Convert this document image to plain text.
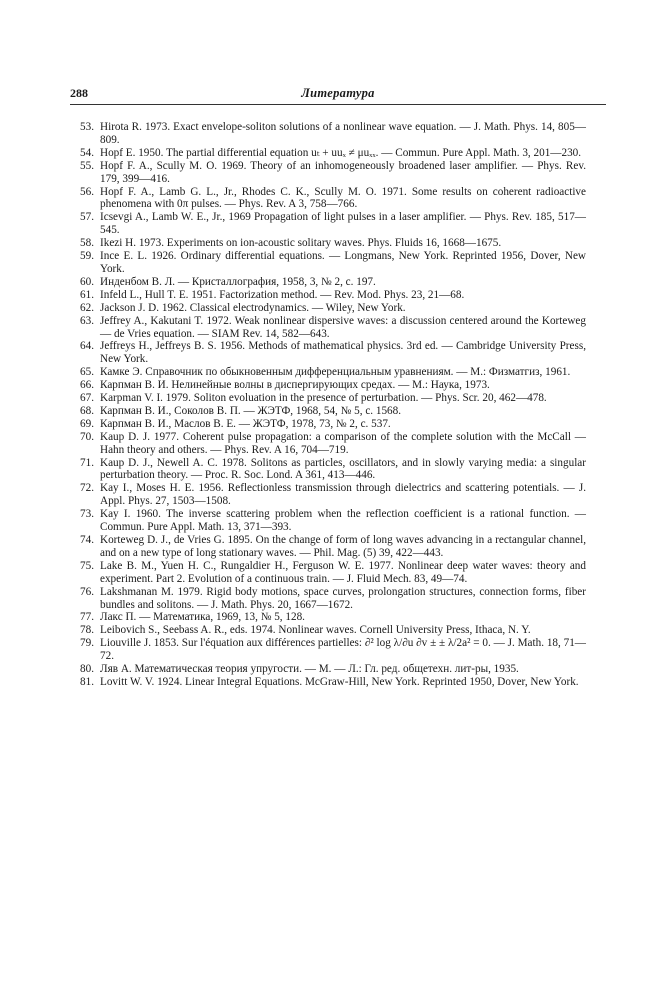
288	Литература
53. Hirota R. 1973. Exact envelope-soliton solutions of a nonlinear wave equation. — J. Math. Phys. 14, 805—809.
54. Hopf E. 1950. The partial differential equation uₜ + uuₓ ≠ μuₓₓ. — Commun. Pure Appl. Math. 3, 201—230.
55. Hopf F. A., Scully M. O. 1969. Theory of an inhomogeneously broadened laser amplifier. — Phys. Rev. 179, 399—416.
56. Hopf F. A., Lamb G. L., Jr., Rhodes C. K., Scully M. O. 1971. Some results on coherent radioactive phenomena with 0π pulses. — Phys. Rev. A 3, 758—766.
57. Icsevgi A., Lamb W. E., Jr., 1969 Propagation of light pulses in a laser amplifier. — Phys. Rev. 185, 517—545.
58. Ikezi H. 1973. Experiments on ion-acoustic solitary waves. Phys. Fluids 16, 1668—1675.
59. Ince E. L. 1926. Ordinary differential equations. — Longmans, New York. Reprinted 1956, Dover, New York.
60. Инденбом В. Л. — Кристаллография, 1958, 3, № 2, с. 197.
61. Infeld L., Hull T. E. 1951. Factorization method. — Rev. Mod. Phys. 23, 21—68.
62. Jackson J. D. 1962. Classical electrodynamics. — Wiley, New York.
63. Jeffrey A., Kakutani T. 1972. Weak nonlinear dispersive waves: a discussion centered around the Korteweg — de Vries equation. — SIAM Rev. 14, 582—643.
64. Jeffreys H., Jeffreys B. S. 1956. Methods of mathematical physics. 3rd ed. — Cambridge University Press, New York.
65. Камке Э. Справочник по обыкновенным дифференциальным уравнениям. — М.: Физматгиз, 1961.
66. Карпман В. И. Нелинейные волны в диспергирующих средах. — М.: Наука, 1973.
67. Karpman V. I. 1979. Soliton evoluation in the presence of perturbation. — Phys. Scr. 20, 462—478.
68. Карпман В. И., Соколов В. П. — ЖЭТФ, 1968, 54, № 5, с. 1568.
69. Карпман В. И., Маслов В. Е. — ЖЭТФ, 1978, 73, № 2, с. 537.
70. Kaup D. J. 1977. Coherent pulse propagation: a comparison of the complete solution with the McCall — Hahn theory and others. — Phys. Rev. A 16, 704—719.
71. Kaup D. J., Newell A. C. 1978. Solitons as particles, oscillators, and in slowly varying media: a singular perturbation theory. — Proc. R. Soc. Lond. A 361, 413—446.
72. Kay I., Moses H. E. 1956. Reflectionless transmission through dielectrics and scattering potentials. — J. Appl. Phys. 27, 1503—1508.
73. Kay I. 1960. The inverse scattering problem when the reflection coefficient is a rational function. — Commun. Pure Appl. Math. 13, 371—393.
74. Korteweg D. J., de Vries G. 1895. On the change of form of long waves advancing in a rectangular channel, and on a new type of long stationary waves. — Phil. Mag. (5) 39, 422—443.
75. Lake B. M., Yuen H. C., Rungaldier H., Ferguson W. E. 1977. Nonlinear deep water waves: theory and experiment. Part 2. Evolution of a continuous train. — J. Fluid Mech. 83, 49—74.
76. Lakshmanan M. 1979. Rigid body motions, space curves, prolongation structures, connection forms, fiber bundles and solitons. — J. Math. Phys. 20, 1667—1672.
77. Лакс П. — Математика, 1969, 13, № 5, 128.
78. Leibovich S., Seebass A. R., eds. 1974. Nonlinear waves. Cornell University Press, Ithaca, N. Y.
79. Liouville J. 1853. Sur l'équation aux différences partielles: ∂² log λ/∂u ∂v ± ± λ/2a² = 0. — J. Math. 18, 71—72.
80. Ляв А. Математическая теория упругости. — М. — Л.: Гл. ред. общетехн. лит-ры, 1935.
81. Lovitt W. V. 1924. Linear Integral Equations. McGraw-Hill, New York. Reprinted 1950, Dover, New York.
